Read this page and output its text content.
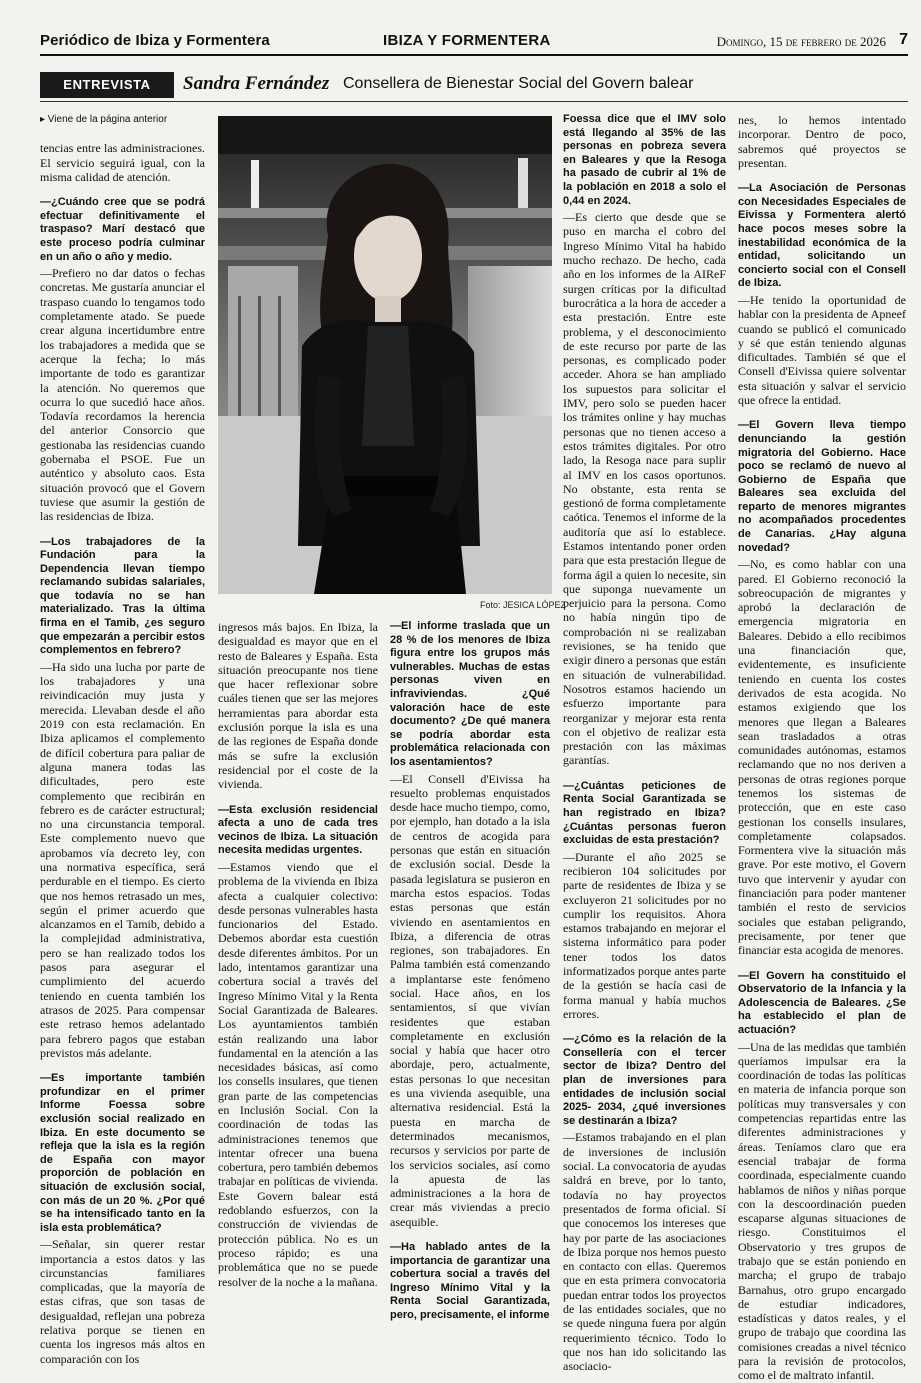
Periódico de Ibiza y Formentera	IBIZA Y FORMENTERA	Domingo, 15 de febrero de 2026 7
ENTREVISTA	Sandra Fernández Consellera de Bienestar Social del Govern balear

▸ Viene de la página anterior

tencias entre las administraciones. El servicio seguirá igual, con la misma calidad de atención.

—¿Cuándo cree que se podrá efectuar definitivamente el traspaso? Marí destacó que este proceso podría culminar en un año o año y medio.

—Prefiero no dar datos o fechas concretas. Me gustaría anunciar el traspaso cuando lo tengamos todo completamente atado. Se puede crear alguna incertidumbre entre los trabajadores a medida que se acerque la fecha; lo más importante de todo es garantizar la atención. No queremos que ocurra lo que sucedió hace años. Todavía recordamos la herencia del anterior Consorcio que gestionaba las residencias cuando gobernaba el PSOE. Fue un auténtico y absoluto caos. Esta situación provocó que el Govern tuviese que asumir la gestión de las residencias de Ibiza.

—Los trabajadores de la Fundación para la Dependencia llevan tiempo reclamando subidas salariales, que todavía no se han materializado. Tras la última firma en el Tamib, ¿es seguro que empezarán a percibir estos complementos en febrero?

—Ha sido una lucha por parte de los trabajadores y una reivindicación muy justa y merecida. Llevaban desde el año 2019 con esta reclamación. En Ibiza aplicamos el complemento de difícil cobertura para paliar de alguna manera todas las dificultades, pero este complemento que recibirán en febrero es de carácter estructural; no una circunstancia temporal. Este complemento nuevo que aprobamos vía decreto ley, con una normativa específica, será perdurable en el tiempo. Es cierto que nos hemos retrasado un mes, según el primer acuerdo que alcanzamos en el Tamib, debido a la complejidad administrativa, pero se han realizado todos los pasos para asegurar el cumplimiento del acuerdo teniendo en cuenta también los atrasos de 2025. Para compensar este retraso hemos adelantado para febrero pagos que estaban previstos más adelante.

—Es importante también profundizar en el primer Informe Foessa sobre exclusión social realizado en Ibiza. En este documento se refleja que la isla es la región de España con mayor proporción de población en situación de exclusión social, con más de un 20 %. ¿Por qué se ha intensificado tanto en la isla esta problemática?

—Señalar, sin querer restar importancia a estos datos y las circunstancias familiares complicadas, que la mayoría de estas cifras, que son tasas de desigualdad, reflejan una pobreza relativa porque se tienen en cuenta los ingresos más altos en comparación con los

Foto: JESICA LÓPEZ

ingresos más bajos. En Ibiza, la desigualdad es mayor que en el resto de Baleares y España. Esta situación preocupante nos tiene que hacer reflexionar sobre cuáles tienen que ser las mejores herramientas para abordar esta exclusión porque la isla es una de las regiones de España donde más se sufre la exclusión residencial por el coste de la vivienda.

—Esta exclusión residencial afecta a uno de cada tres vecinos de Ibiza. La situación necesita medidas urgentes.

—Estamos viendo que el problema de la vivienda en Ibiza afecta a cualquier colectivo: desde personas vulnerables hasta funcionarios del Estado. Debemos abordar esta cuestión desde diferentes ámbitos. Por un lado, intentamos garantizar una cobertura social a través del Ingreso Mínimo Vital y la Renta Social Garantizada de Baleares. Los ayuntamientos también están realizando una labor fundamental en la atención a las necesidades básicas, así como los consells insulares, que tienen gran parte de las competencias en Inclusión Social. Con la coordinación de todas las administraciones tenemos que intentar ofrecer una buena cobertura, pero también debemos trabajar en políticas de vivienda. Este Govern balear está redoblando esfuerzos, con la construcción de viviendas de protección pública. No es un proceso rápido; es una problemática que no se puede resolver de la noche a la mañana.

—El informe traslada que un 28 % de los menores de Ibiza figura entre los grupos más vulnerables. Muchas de estas personas viven en infraviviendas. ¿Qué valoración hace de este documento? ¿De qué manera se podría abordar esta problemática relacionada con los asentamientos?

—El Consell d'Eivissa ha resuelto problemas enquistados desde hace mucho tiempo, como, por ejemplo, han dotado a la isla de centros de acogida para personas que están en situación de exclusión social. Desde la pasada legislatura se pusieron en marcha estos espacios. Todas estas personas que están viviendo en asentamientos en Ibiza, a diferencia de otras regiones, son trabajadores. En Palma también está comenzando a implantarse este fenómeno social. Hace años, en los sentamientos, sí que vivían residentes que estaban completamente en exclusión social y había que hacer otro abordaje, pero, actualmente, estas personas lo que necesitan es una vivienda asequible, una alternativa residencial. Está la puesta en marcha de determinados mecanismos, recursos y servicios por parte de los servicios sociales, así como la apuesta de las administraciones a la hora de crear más viviendas a precio asequible.

—Ha hablado antes de la importancia de garantizar una cobertura social a través del Ingreso Mínimo Vital y la Renta Social Garantizada, pero, precisamente, el informe

Foessa dice que el IMV solo está llegando al 35% de las personas en pobreza severa en Baleares y que la Resoga ha pasado de cubrir al 1% de la población en 2018 a solo el 0,44 en 2024.

—Es cierto que desde que se puso en marcha el cobro del Ingreso Mínimo Vital ha habido mucho rechazo. De hecho, cada año en los informes de la AIReF surgen críticas por la dificultad burocrática a la hora de acceder a esta prestación. Entre este problema, y el desconocimiento de este recurso por parte de las personas, es complicado poder acceder. Ahora se han ampliado los supuestos para solicitar el IMV, pero solo se pueden hacer los trámites online y hay muchas personas que no tienen acceso a estos trámites digitales. Por otro lado, la Resoga nace para suplir al IMV en los casos oportunos. No obstante, esta renta se gestionó de forma completamente caótica. Tenemos el informe de la auditoría que así lo establece. Estamos intentando poner orden para que esta prestación llegue de forma ágil a quien lo necesite, sin que suponga nuevamente un perjuicio para la persona. Como no había ningún tipo de comprobación ni se realizaban revisiones, se ha tenido que exigir dinero a personas que están en situación de vulnerabilidad. Nosotros estamos haciendo un esfuerzo importante para reorganizar y mejorar esta renta con el objetivo de realizar esta prestación con las máximas garantías.

—¿Cuántas peticiones de Renta Social Garantizada se han registrado en Ibiza? ¿Cuántas personas fueron excluidas de esta prestación?

—Durante el año 2025 se recibieron 104 solicitudes por parte de residentes de Ibiza y se excluyeron 21 solicitudes por no cumplir los requisitos. Ahora estamos trabajando en mejorar el sistema informático para poder tener todos los datos informatizados porque antes parte de la gestión se hacía casi de forma manual y había muchos errores.

—¿Cómo es la relación de la Consellería con el tercer sector de Ibiza? Dentro del plan de inversiones para entidades de inclusión social 2025- 2034, ¿qué inversiones se destinarán a Ibiza?

—Estamos trabajando en el plan de inversiones de inclusión social. La convocatoria de ayudas saldrá en breve, por lo tanto, todavía no hay proyectos presentados de forma oficial. Sí que conocemos los intereses que hay por parte de las asociaciones de Ibiza porque nos hemos puesto en contacto con ellas. Queremos que en esta primera convocatoria puedan entrar todos los proyectos de las entidades sociales, que no se quede ninguna fuera por algún requerimiento técnico. Todo lo que nos han ido solicitando las asociacio-

nes, lo hemos intentado incorporar. Dentro de poco, sabremos qué proyectos se presentan.

—La Asociación de Personas con Necesidades Especiales de Eivissa y Formentera alertó hace pocos meses sobre la inestabilidad económica de la entidad, solicitando un concierto social con el Consell de Ibiza.

—He tenido la oportunidad de hablar con la presidenta de Apneef cuando se publicó el comunicado y sé que están teniendo algunas dificultades. También sé que el Consell d'Eivissa quiere solventar esta situación y salvar el servicio que ofrece la entidad.

—El Govern lleva tiempo denunciando la gestión migratoria del Gobierno. Hace poco se reclamó de nuevo al Gobierno de España que Baleares sea excluida del reparto de menores migrantes no acompañados procedentes de Canarias. ¿Hay alguna novedad?

—No, es como hablar con una pared. El Gobierno reconoció la sobreocupación de migrantes y aprobó la declaración de emergencia migratoria en Baleares. Debido a ello recibimos una financiación que, evidentemente, es insuficiente teniendo en cuenta los costes derivados de esta acogida. No estamos exigiendo que los menores que llegan a Baleares sean trasladados a otras comunidades autónomas, estamos reclamando que no nos deriven a personas de otras regiones porque tenemos los sistemas de protección, que en este caso gestionan los consells insulares, completamente colapsados. Formentera vive la situación más grave. Por este motivo, el Govern tuvo que intervenir y ayudar con financiación para poder mantener también el resto de servicios sociales que estaban peligrando, precisamente, por tener que financiar esta acogida de menores.

—El Govern ha constituido el Observatorio de la Infancia y la Adolescencia de Baleares. ¿Se ha establecido el plan de actuación?

—Una de las medidas que también queríamos impulsar era la coordinación de todas las políticas en materia de infancia porque son políticas muy transversales y con competencias repartidas entre las diferentes administraciones y áreas. Teníamos claro que era esencial trabajar de forma coordinada, especialmente cuando hablamos de niños y niñas porque con la descoordinación pueden escaparse algunas situaciones de riesgo. Constituimos el Observatorio y tres grupos de trabajo que se están poniendo en marcha; el grupo de trabajo Barnahus, otro grupo encargado de estudiar indicadores, estadísticas y datos reales, y el grupo de trabajo que coordina las comisiones creadas a nivel técnico para la revisión de protocolos, como el de maltrato infantil.
